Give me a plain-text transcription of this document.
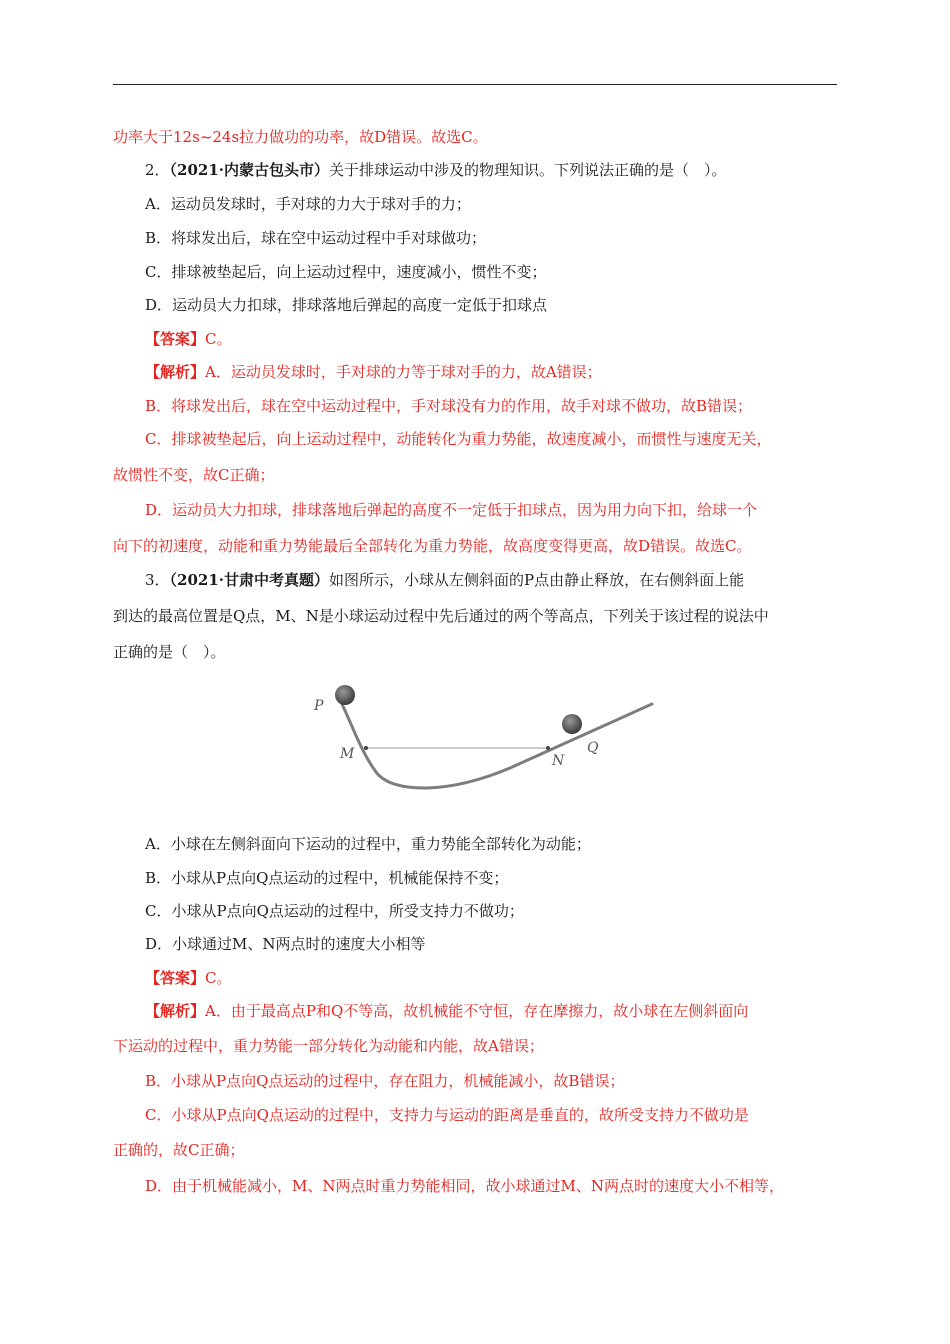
功率大于12s~24s拉力做功的功率，故D错误。故选C。
2．（2021·内蒙古包头市）关于排球运动中涉及的物理知识。下列说法正确的是（　）。
A．运动员发球时，手对球的力大于球对手的力；
B．将球发出后，球在空中运动过程中手对球做功；
C．排球被垫起后，向上运动过程中，速度减小，惯性不变；
D．运动员大力扣球，排球落地后弹起的高度一定低于扣球点
【答案】C。
【解析】A．运动员发球时，手对球的力等于球对手的力，故A错误；
B．将球发出后，球在空中运动过程中，手对球没有力的作用，故手对球不做功，故B错误；
C．排球被垫起后，向上运动过程中，动能转化为重力势能，故速度减小，而惯性与速度无关，
故惯性不变，故C正确；
D．运动员大力扣球，排球落地后弹起的高度不一定低于扣球点，因为用力向下扣，给球一个
向下的初速度，动能和重力势能最后全部转化为重力势能，故高度变得更高，故D错误。故选C。
3．（2021·甘肃中考真题）如图所示，小球从左侧斜面的P点由静止释放，在右侧斜面上能
到达的最高位置是Q点，M、N是小球运动过程中先后通过的两个等高点，下列关于该过程的说法中
正确的是（　）。
P
M	N
Q
A．小球在左侧斜面向下运动的过程中，重力势能全部转化为动能；
B．小球从P点向Q点运动的过程中，机械能保持不变；
C．小球从P点向Q点运动的过程中，所受支持力不做功；
D．小球通过M、N两点时的速度大小相等
【答案】C。
【解析】A．由于最高点P和Q不等高，故机械能不守恒，存在摩擦力，故小球在左侧斜面向
下运动的过程中，重力势能一部分转化为动能和内能，故A错误；
B．小球从P点向Q点运动的过程中，存在阻力，机械能减小，故B错误；
C．小球从P点向Q点运动的过程中，支持力与运动的距离是垂直的，故所受支持力不做功是
正确的，故C正确；
D．由于机械能减小，M、N两点时重力势能相同，故小球通过M、N两点时的速度大小不相等，
